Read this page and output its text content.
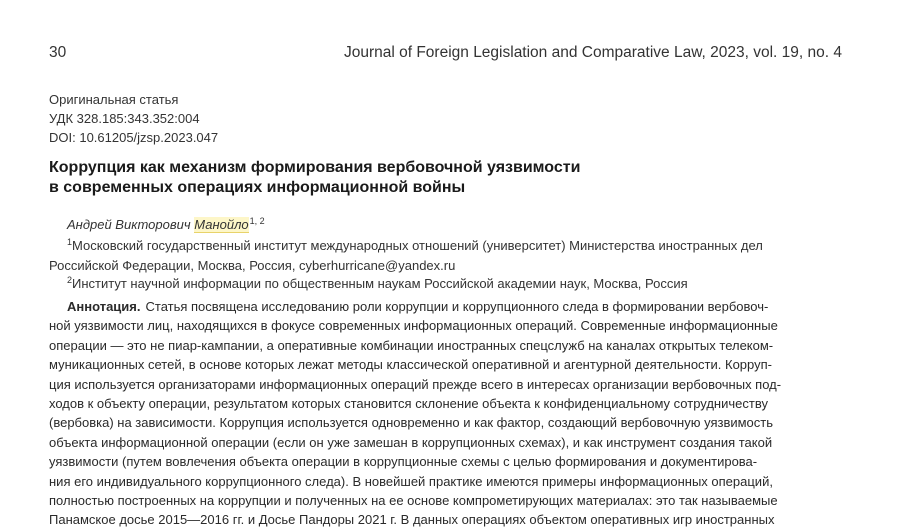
30	Journal of Foreign Legislation and Comparative Law, 2023, vol. 19, no. 4
Оригинальная статья
УДК 328.185:343.352:004
DOI: 10.61205/jzsp.2023.047
Коррупция как механизм формирования вербовочной уязвимости
в современных операциях информационной войны
Андрей Викторович Манойло$^{1, 2}$
$^1$Московский государственный институт международных отношений (университет) Министерства иностранных дел
Российской Федерации, Москва, Россия, cyberhurricane@yandex.ru
$^2$Институт научной информации по общественным наукам Российской академии наук, Москва, Россия
Аннотация. Статья посвящена исследованию роли коррупции и коррупционного следа в формировании вербовоч-
ной уязвимости лиц, находящихся в фокусе современных информационных операций. Современные информационные
операции — это не пиар-кампании, а оперативные комбинации иностранных спецслужб на каналах открытых телеком-
муникационных сетей, в основе которых лежат методы классической оперативной и агентурной деятельности. Корруп-
ция используется организаторами информационных операций прежде всего в интересах организации вербовочных под-
ходов к объекту операции, результатом которых становится склонение объекта к конфиденциальному сотрудничеству
(вербовка) на зависимости. Коррупция используется одновременно и как фактор, создающий вербовочную уязвимость
объекта информационной операции (если он уже замешан в коррупционных схемах), и как инструмент создания такой
уязвимости (путем вовлечения объекта операции в коррупционные схемы с целью формирования и документирова-
ния его индивидуального коррупционного следа). В новейшей практике имеются примеры информационных операций,
полностью построенных на коррупции и полученных на ее основе компрометирующих материалах: это так называемые
Панамское досье 2015—2016 гг. и Досье Пандоры 2021 г. В данных операциях объектом оперативных игр иностранных
